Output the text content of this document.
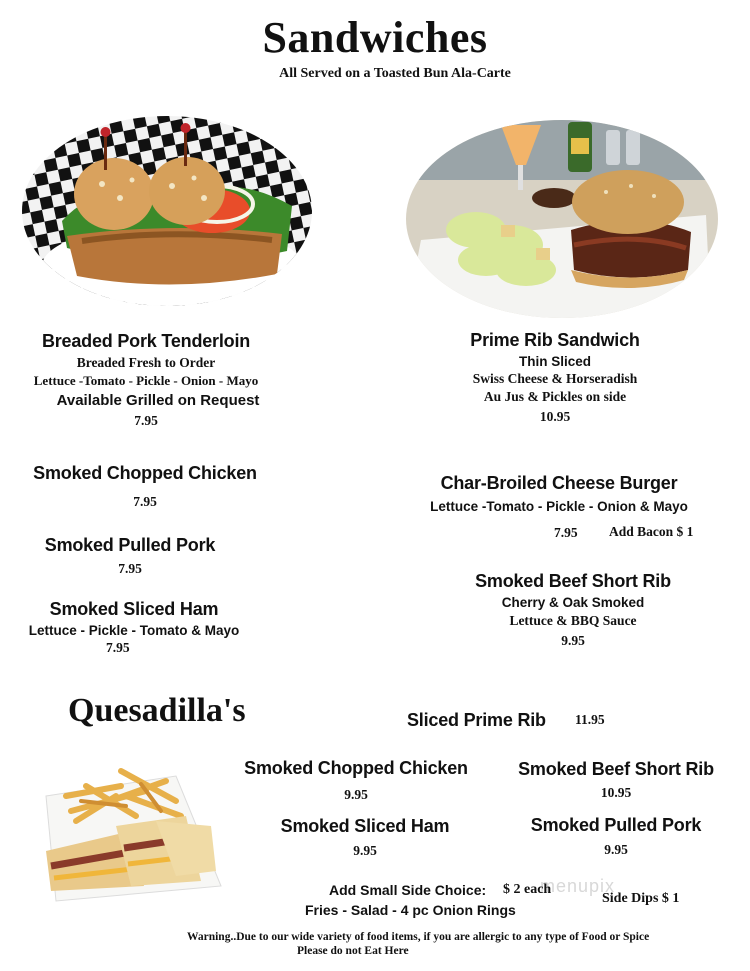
Sandwiches
All Served on a Toasted Bun Ala-Carte
Breaded Pork Tenderloin
Breaded Fresh to Order
Lettuce -Tomato - Pickle - Onion - Mayo
Available Grilled on Request
7.95
Prime Rib Sandwich
Thin Sliced
Swiss Cheese & Horseradish
Au Jus & Pickles on side
10.95
Smoked Chopped Chicken
7.95
Char-Broiled Cheese Burger
Lettuce -Tomato - Pickle - Onion & Mayo
7.95 Add Bacon $ 1
Smoked Pulled Pork
7.95
Smoked Beef Short Rib
Cherry & Oak Smoked
Lettuce & BBQ Sauce
9.95
Smoked Sliced Ham
Lettuce - Pickle - Tomato & Mayo
7.95
Quesadilla's	Sliced Prime Rib 11.95
Smoked Chopped Chicken
9.95
Smoked Beef Short Rib
10.95
Smoked Sliced Ham
9.95
Smoked Pulled Pork
9.95
menupix
Add Small Side Choice: $ 2 each
Fries - Salad - 4 pc Onion Rings
Side Dips $ 1
Warning..Due to our wide variety of food items, if you are allergic to any type of Food or Spice
Please do not Eat Here
